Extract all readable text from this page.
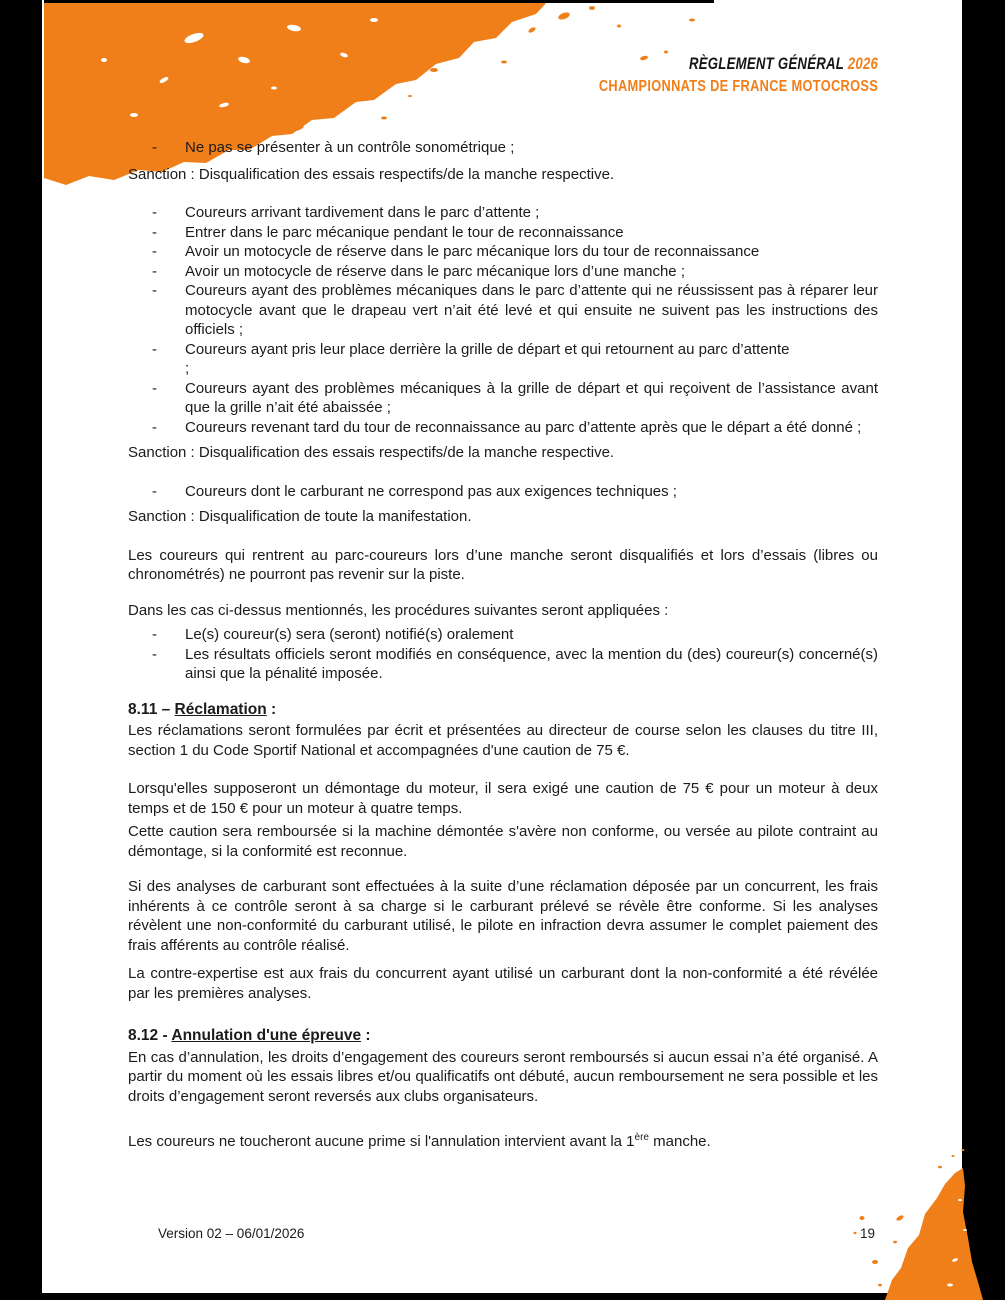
RÈGLEMENT GÉNÉRAL 2026
CHAMPIONNATS DE FRANCE MOTOCROSS
-	Ne pas se présenter à un contrôle sonométrique ;
Sanction : Disqualification des essais respectifs/de la manche respective.
-	Coureurs arrivant tardivement dans le parc d’attente ;
-	Entrer dans le parc mécanique pendant le tour de reconnaissance
-	Avoir un motocycle de réserve dans le parc mécanique lors du tour de reconnaissance
-	Avoir un motocycle de réserve dans le parc mécanique lors d’une manche ;
-	Coureurs ayant des problèmes mécaniques dans le parc d’attente qui ne réussissent pas à réparer leur motocycle avant que le drapeau vert n’ait été levé et qui ensuite ne suivent pas les instructions des officiels ;
-	Coureurs ayant pris leur place derrière la grille de départ et qui retournent au parc d’attente
;
-	Coureurs ayant des problèmes mécaniques à la grille de départ et qui reçoivent de l’assistance avant que la grille n’ait été abaissée ;
-	Coureurs revenant tard du tour de reconnaissance au parc d’attente après que le départ a été donné ;
Sanction : Disqualification des essais respectifs/de la manche respective.
-	Coureurs dont le carburant ne correspond pas aux exigences techniques ;
Sanction : Disqualification de toute la manifestation.
Les coureurs qui rentrent au parc-coureurs lors d’une manche seront disqualifiés et lors d’essais (libres ou chronométrés) ne pourront pas revenir sur la piste.
Dans les cas ci-dessus mentionnés, les procédures suivantes seront appliquées :
-	Le(s) coureur(s) sera (seront) notifié(s) oralement
-	Les résultats officiels seront modifiés en conséquence, avec la mention du (des) coureur(s) concerné(s) ainsi que la pénalité imposée.
8.11 – Réclamation :
Les réclamations seront formulées par écrit et présentées au directeur de course selon les clauses du titre III, section 1 du Code Sportif National et accompagnées d'une caution de 75 €.
Lorsqu'elles supposeront un démontage du moteur, il sera exigé une caution de 75 € pour un moteur à deux temps et de 150 € pour un moteur à quatre temps.
Cette caution sera remboursée si la machine démontée s'avère non conforme, ou versée au pilote contraint au démontage, si la conformité est reconnue.
Si des analyses de carburant sont effectuées à la suite d’une réclamation déposée par un concurrent, les frais inhérents à ce contrôle seront à sa charge si le carburant prélevé se révèle être conforme. Si les analyses révèlent une non-conformité du carburant utilisé, le pilote en infraction devra assumer le complet paiement des frais afférents au contrôle réalisé.
La contre-expertise est aux frais du concurrent ayant utilisé un carburant dont la non-conformité a été révélée par les premières analyses.
8.12 - Annulation d'une épreuve :
En cas d’annulation, les droits d’engagement des coureurs seront remboursés si aucun essai n’a été organisé. A partir du moment où les essais libres et/ou qualificatifs ont débuté, aucun remboursement ne sera possible et les droits d’engagement seront reversés aux clubs organisateurs.
Les coureurs ne toucheront aucune prime si l'annulation intervient avant la 1ère manche.
Version 02 – 06/01/2026	19
